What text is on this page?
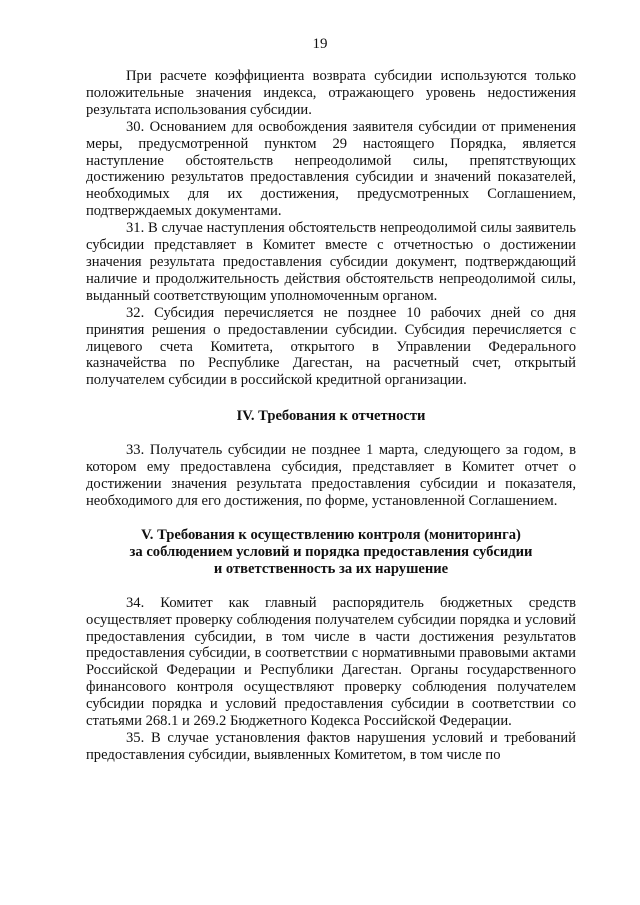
19

При расчете коэффициента возврата субсидии используются только положительные значения индекса, отражающего уровень недостижения результата использования субсидии.

30. Основанием для освобождения заявителя субсидии от применения меры, предусмотренной пунктом 29 настоящего Порядка, является наступление обстоятельств непреодолимой силы, препятствующих достижению результатов предоставления субсидии и значений показателей, необходимых для их достижения, предусмотренных Соглашением, подтверждаемых документами.

31. В случае наступления обстоятельств непреодолимой силы заявитель субсидии представляет в Комитет вместе с отчетностью о достижении значения результата предоставления субсидии документ, подтверждающий наличие и продолжительность действия обстоятельств непреодолимой силы, выданный соответствующим уполномоченным органом.

32. Субсидия перечисляется не позднее 10 рабочих дней со дня принятия решения о предоставлении субсидии. Субсидия перечисляется с лицевого счета Комитета, открытого в Управлении Федерального казначейства по Республике Дагестан, на расчетный счет, открытый получателем субсидии в российской кредитной организации.

IV. Требования к отчетности

33. Получатель субсидии не позднее 1 марта, следующего за годом, в котором ему предоставлена субсидия, представляет в Комитет отчет о достижении значения результата предоставления субсидии и показателя, необходимого для его достижения, по форме, установленной Соглашением.

V. Требования к осуществлению контроля (мониторинга)
за соблюдением условий и порядка предоставления субсидии
и ответственность за их нарушение

34. Комитет как главный распорядитель бюджетных средств осуществляет проверку соблюдения получателем субсидии порядка и условий предоставления субсидии, в том числе в части достижения результатов предоставления субсидии, в соответствии с нормативными правовыми актами Российской Федерации и Республики Дагестан. Органы государственного финансового контроля осуществляют проверку соблюдения получателем субсидии порядка и условий предоставления субсидии в соответствии со статьями 268.1 и 269.2 Бюджетного Кодекса Российской Федерации.

35. В случае установления фактов нарушения условий и требований предоставления субсидии, выявленных Комитетом, в том числе по
